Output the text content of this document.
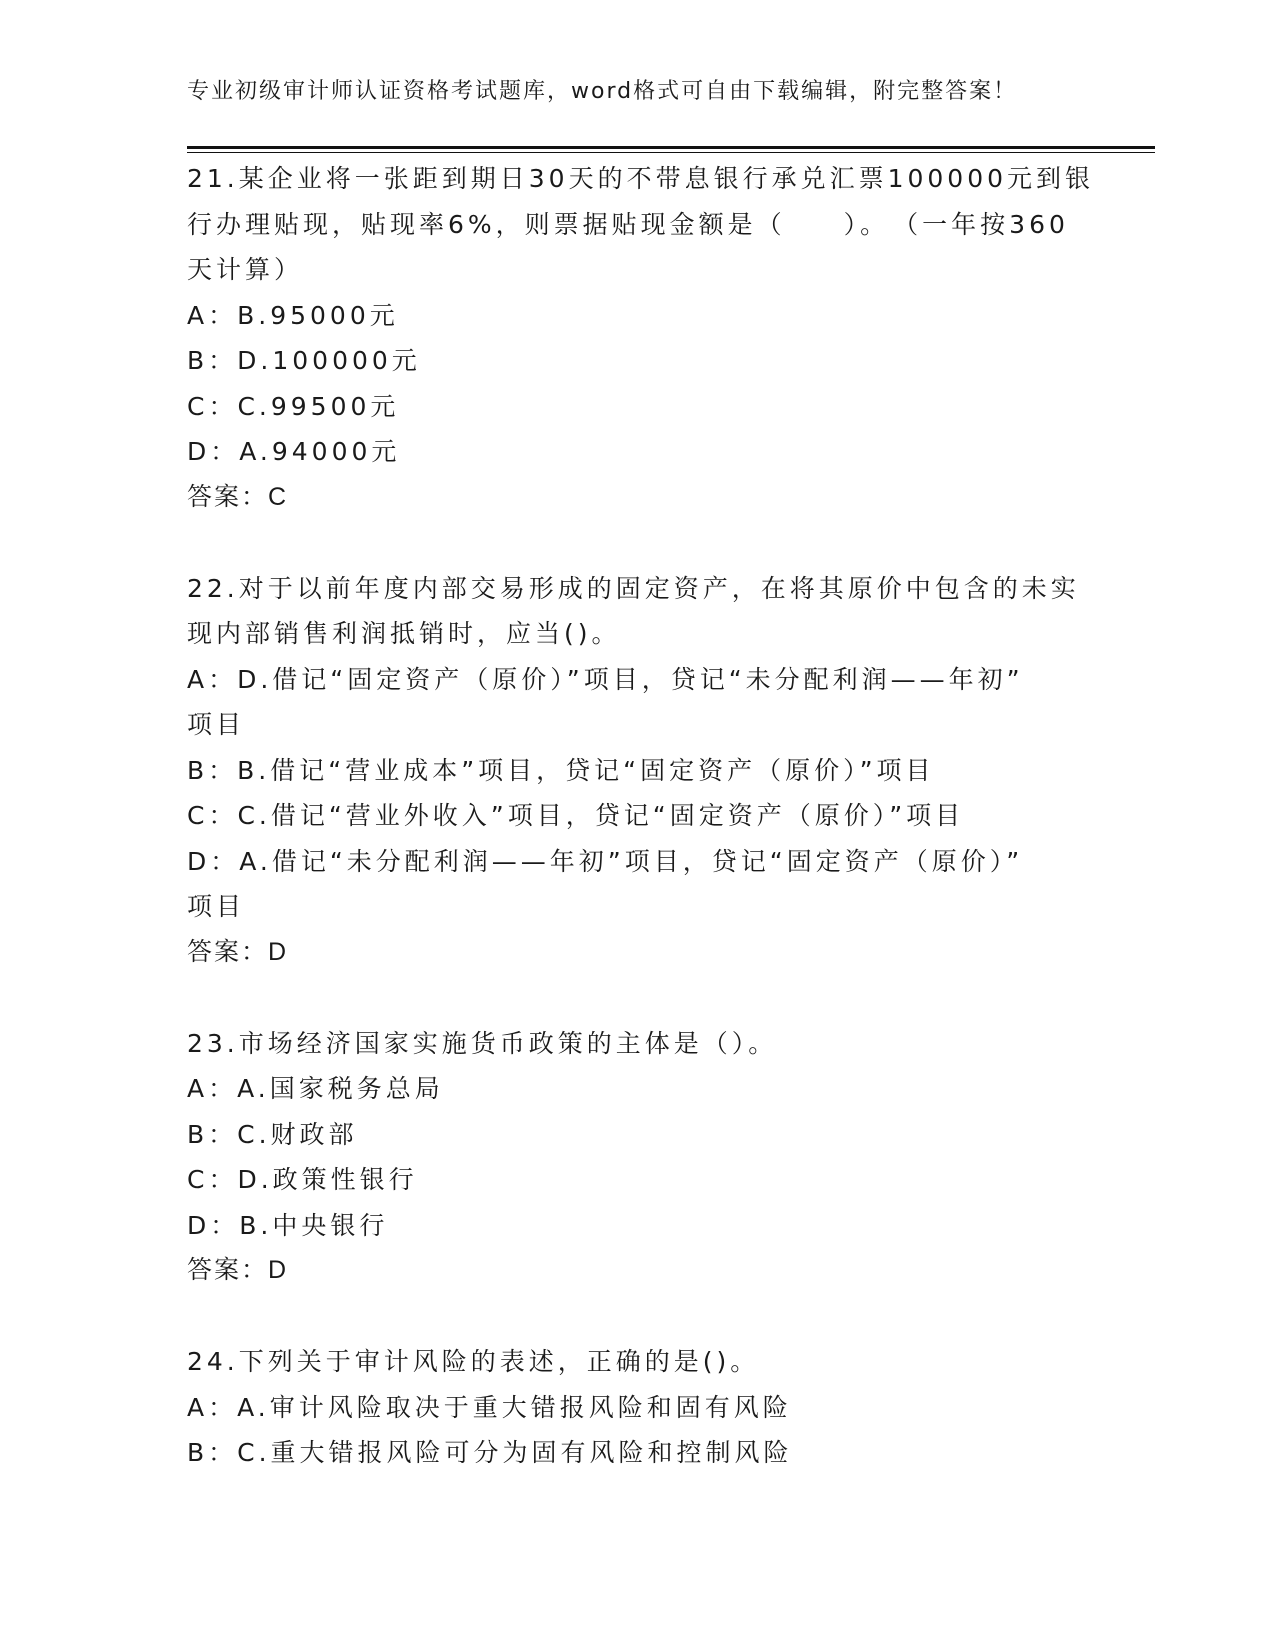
专业初级审计师认证资格考试题库，word格式可自由下载编辑，附完整答案！
21.某企业将一张距到期日30天的不带息银行承兑汇票100000元到银
行办理贴现，贴现率6%，则票据贴现金额是（　　）。　（一年按360
天计算）
A：B.95000元
B：D.100000元
C：C.99500元
D：A.94000元
答案：C
22.对于以前年度内部交易形成的固定资产，在将其原价中包含的未实
现内部销售利润抵销时，应当()。
A：D.借记“固定资产（原价）”项目，贷记“未分配利润——年初”
项目
B：B.借记“营业成本”项目，贷记“固定资产（原价）”项目
C：C.借记“营业外收入”项目，贷记“固定资产（原价）”项目
D：A.借记“未分配利润——年初”项目，贷记“固定资产（原价）”
项目
答案：D
23.市场经济国家实施货币政策的主体是（）。
A：A.国家税务总局
B：C.财政部
C：D.政策性银行
D：B.中央银行
答案：D
24.下列关于审计风险的表述，正确的是()。
A：A.审计风险取决于重大错报风险和固有风险
B：C.重大错报风险可分为固有风险和控制风险
